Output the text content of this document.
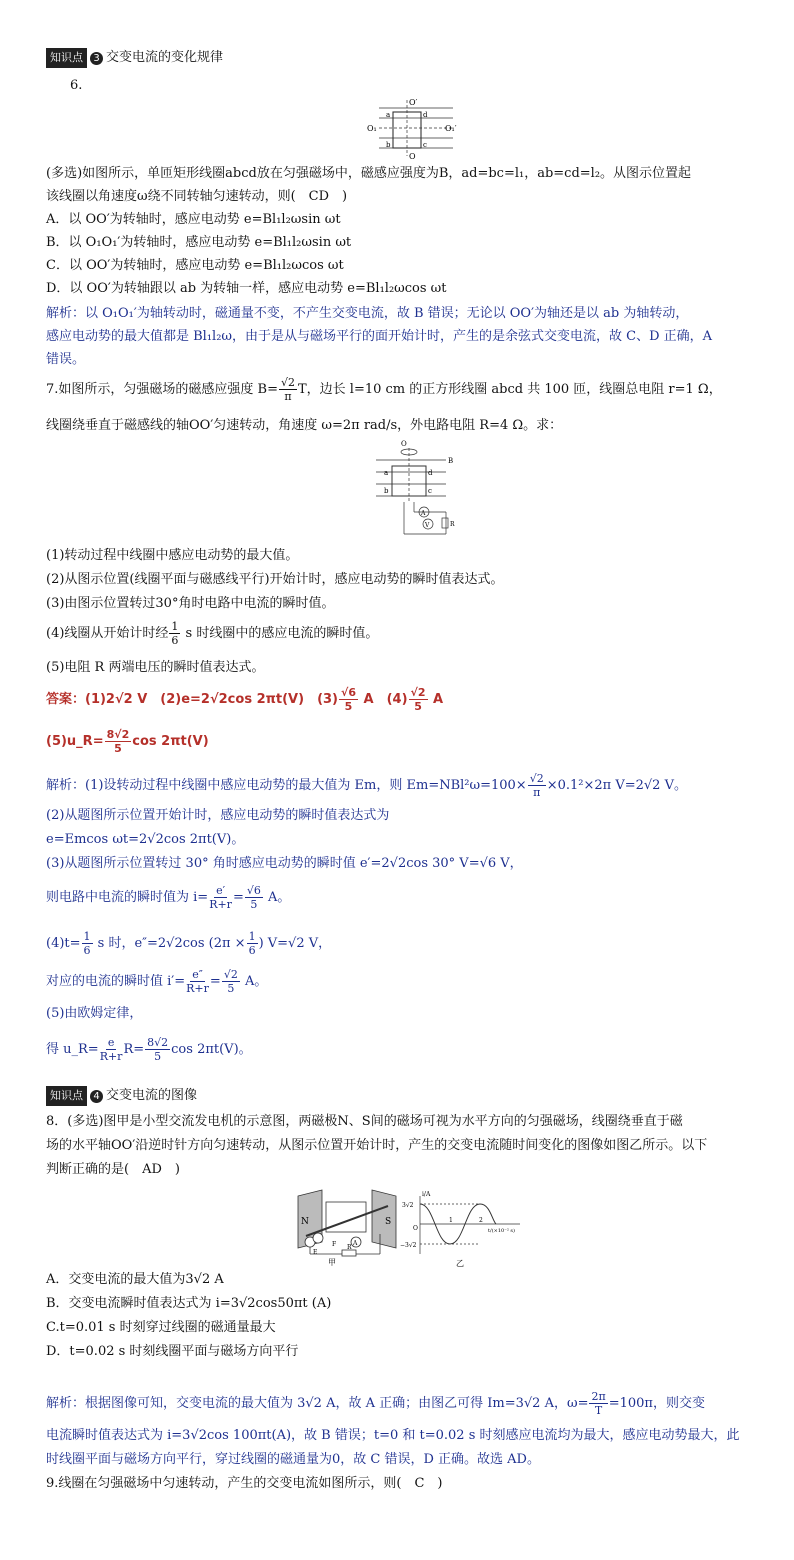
知识点 3 交变电流的变化规律
6.
O′
O
O₁	O₁′
a
b	c
d
(多选)如图所示，单匝矩形线圈abcd放在匀强磁场中，磁感应强度为B，ad=bc=l₁，ab=cd=l₂。从图示位置起
该线圈以角速度ω绕不同转轴匀速转动，则(　CD　)
A．以 OO′为转轴时，感应电动势 e=Bl₁l₂ωsin ωt
B．以 O₁O₁′为转轴时，感应电动势 e=Bl₁l₂ωsin ωt
C．以 OO′为转轴时，感应电动势 e=Bl₁l₂ωcos ωt
D．以 OO′为转轴跟以 ab 为转轴一样，感应电动势 e=Bl₁l₂ωcos ωt
解析：以 O₁O₁′为轴转动时，磁通量不变，不产生交变电流，故 B 错误；无论以 OO′为轴还是以 ab 为轴转动，
感应电动势的最大值都是 Bl₁l₂ω，由于是从与磁场平行的面开始计时，产生的是余弦式交变电流，故 C、D 正确，A
错误。
7.如图所示，匀强磁场的磁感应强度 $B= \frac{√2}{\pi}$ T，边长 l=10 cm 的正方形线圈 abcd 共 100 匝，线圈总电阻 r=1 Ω，
线圈绕垂直于磁感线的轴OO′匀速转动，角速度 ω=2π rad/s，外电路电阻 R=4 Ω。求：
O
B
a
b	c
d
A
V	R
(1)转动过程中线圈中感应电动势的最大值。
(2)从图示位置(线圈平面与磁感线平行)开始计时，感应电动势的瞬时值表达式。
(3)由图示位置转过30°角时电路中电流的瞬时值。
(4)线圈从开始计时经 $\frac{1}{6}$ s 时线圈中的感应电流的瞬时值。
(5)电阻 R 两端电压的瞬时值表达式。
答案：(1)2√2 V　(2)e=2√2cos 2πt(V)　$(3) \frac{√6}{5}$ A　$(4) \frac{√2}{5}$ A
(5)u_R= $\frac{8√2}{5}$ cos 2πt(V)
解析：(1)设转动过程中线圈中感应电动势的最大值为 Em，则 $Em=NBl^2\omega=100\times \frac{√2}{\pi} \times 0.1^2\times 2\pi$ V=2√2 V。
(2)从题图所示位置开始计时，感应电动势的瞬时值表达式为
e=Emcos ωt=2√2cos 2πt(V)。
(3)从题图所示位置转过 30° 角时感应电动势的瞬时值 e′=2√2cos 30° V=√6 V，
则电路中电流的瞬时值为 $i= \frac{e'}{R+r} = \frac{√6}{5}$ A。
$(4)t= \frac{1}{6}$ s 时，e″=2√2cos ($2\pi \times \frac{1}{6}$ ) V=√2 V，
对应的电流的瞬时值 $i'= \frac{e''}{R+r} = \frac{√2}{5}$ A。
(5)由欧姆定律，
得 u_R= $\frac{e}{R+r} R= \frac{8√2}{5}$ cos 2πt(V)。
知识点 4 交变电流的图像
8．(多选)图甲是小型交流发电机的示意图，两磁极N、S间的磁场可视为水平方向的匀强磁场，线圈绕垂直于磁
场的水平轴OO′沿逆时针方向匀速转动，从图示位置开始计时，产生的交变电流随时间变化的图像如图乙所示。以下
判断正确的是(　AD　)
N	S
A
R
E
F
甲
i/A
3√2
−3√2
O
1	2
t/(×10⁻² s)
乙
A．交变电流的最大值为3√2 A
B．交变电流瞬时值表达式为 i=3√2cos50πt (A)
C.t=0.01 s 时刻穿过线圈的磁通量最大
D．t=0.02 s 时刻线圈平面与磁场方向平行
解析：根据图像可知，交变电流的最大值为 3√2 A，故 A 正确；由图乙可得 Im=3√2 A，$\omega= \frac{2\pi}{T} =100\pi$，则交变
电流瞬时值表达式为 i=3√2cos 100πt(A)，故 B 错误；t=0 和 t=0.02 s 时刻感应电流均为最大，感应电动势最大，此
时线圈平面与磁场方向平行，穿过线圈的磁通量为0，故 C 错误，D 正确。故选 AD。
9.线圈在匀强磁场中匀速转动，产生的交变电流如图所示，则(　C　)
